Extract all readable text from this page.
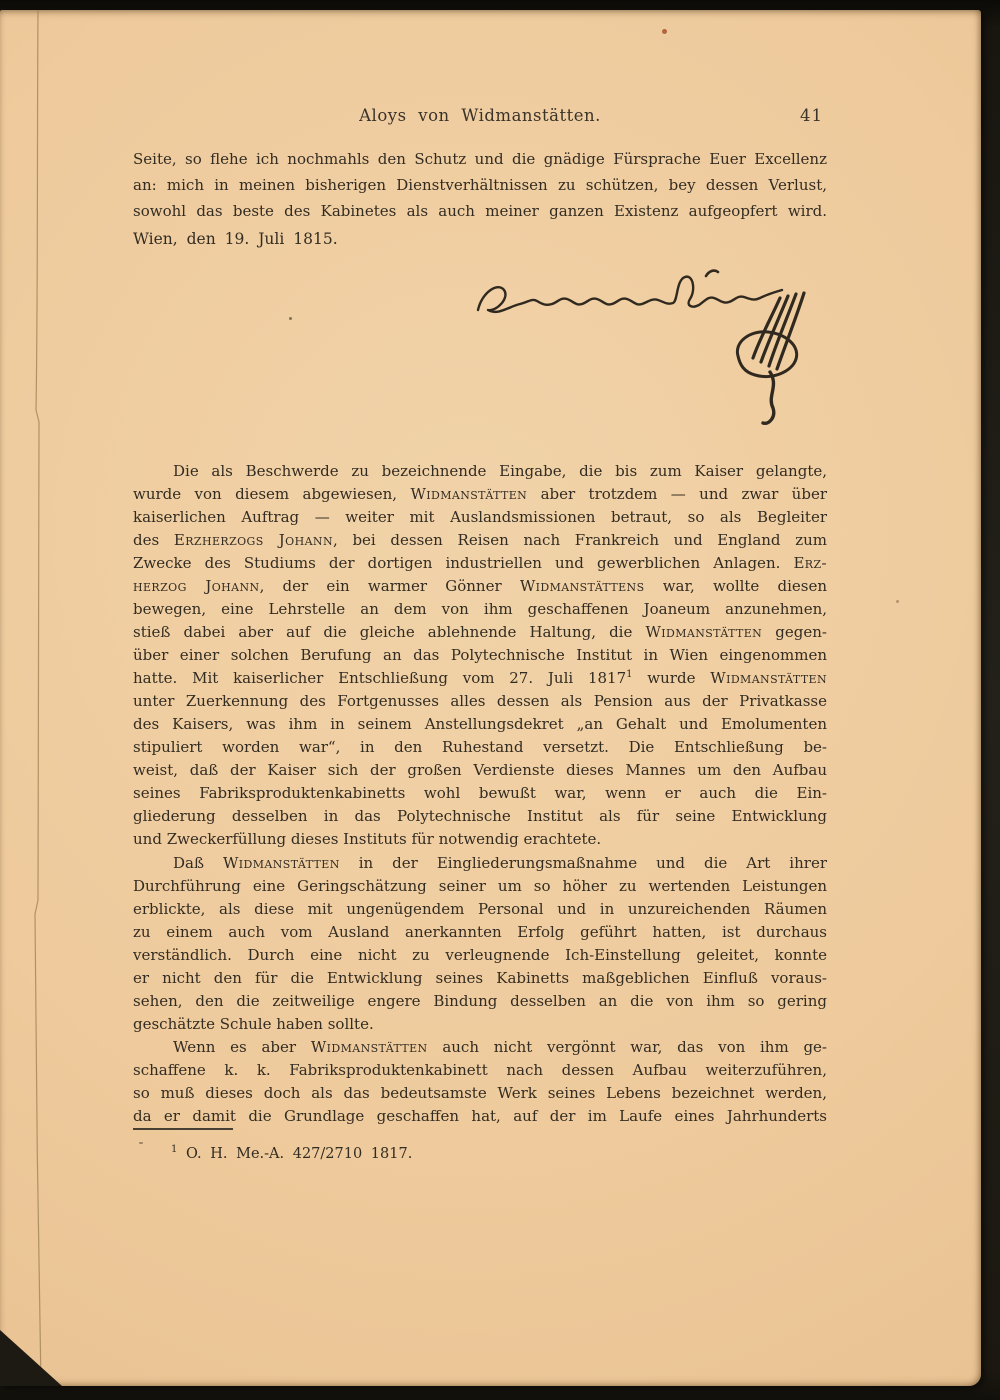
Aloys von Widmanstätten.	41
Seite, so flehe ich nochmahls den Schutz und die gnädige Fürsprache Euer Excellenz
an: mich in meinen bisherigen Dienstverhältnissen zu schützen, bey dessen Verlust,
sowohl das beste des Kabinetes als auch meiner ganzen Existenz aufgeopfert wird.
Wien, den 19. Juli 1815.
Die als Beschwerde zu bezeichnende Eingabe, die bis zum Kaiser gelangte,
wurde von diesem abgewiesen, Widmanstätten aber trotzdem — und zwar über
kaiserlichen Auftrag — weiter mit Auslandsmissionen betraut, so als Begleiter
des Erzherzogs Johann, bei dessen Reisen nach Frankreich und England zum
Zwecke des Studiums der dortigen industriellen und gewerblichen Anlagen. Erz-
herzog Johann, der ein warmer Gönner Widmanstättens war, wollte diesen
bewegen, eine Lehrstelle an dem von ihm geschaffenen Joaneum anzunehmen,
stieß dabei aber auf die gleiche ablehnende Haltung, die Widmanstätten gegen-
über einer solchen Berufung an das Polytechnische Institut in Wien eingenommen
hatte. Mit kaiserlicher Entschließung vom 27. Juli 1817$^1$ wurde Widmanstätten
unter Zuerkennung des Fortgenusses alles dessen als Pension aus der Privatkasse
des Kaisers, was ihm in seinem Anstellungsdekret „an Gehalt und Emolumenten
stipuliert worden war“, in den Ruhestand versetzt. Die Entschließung be-
weist, daß der Kaiser sich der großen Verdienste dieses Mannes um den Aufbau
seines Fabriksproduktenkabinetts wohl bewußt war, wenn er auch die Ein-
gliederung desselben in das Polytechnische Institut als für seine Entwicklung
und Zweckerfüllung dieses Instituts für notwendig erachtete.
Daß Widmanstätten in der Eingliederungsmaßnahme und die Art ihrer
Durchführung eine Geringschätzung seiner um so höher zu wertenden Leistungen
erblickte, als diese mit ungenügendem Personal und in unzureichenden Räumen
zu einem auch vom Ausland anerkannten Erfolg geführt hatten, ist durchaus
verständlich. Durch eine nicht zu verleugnende Ich-Einstellung geleitet, konnte
er nicht den für die Entwicklung seines Kabinetts maßgeblichen Einfluß voraus-
sehen, den die zeitweilige engere Bindung desselben an die von ihm so gering
geschätzte Schule haben sollte.
Wenn es aber Widmanstätten auch nicht vergönnt war, das von ihm ge-
schaffene k. k. Fabriksproduktenkabinett nach dessen Aufbau weiterzuführen,
so muß dieses doch als das bedeutsamste Werk seines Lebens bezeichnet werden,
da er damit die Grundlage geschaffen hat, auf der im Laufe eines Jahrhunderts
$^1$ O. H. Me.-A. 427/2710 1817.
